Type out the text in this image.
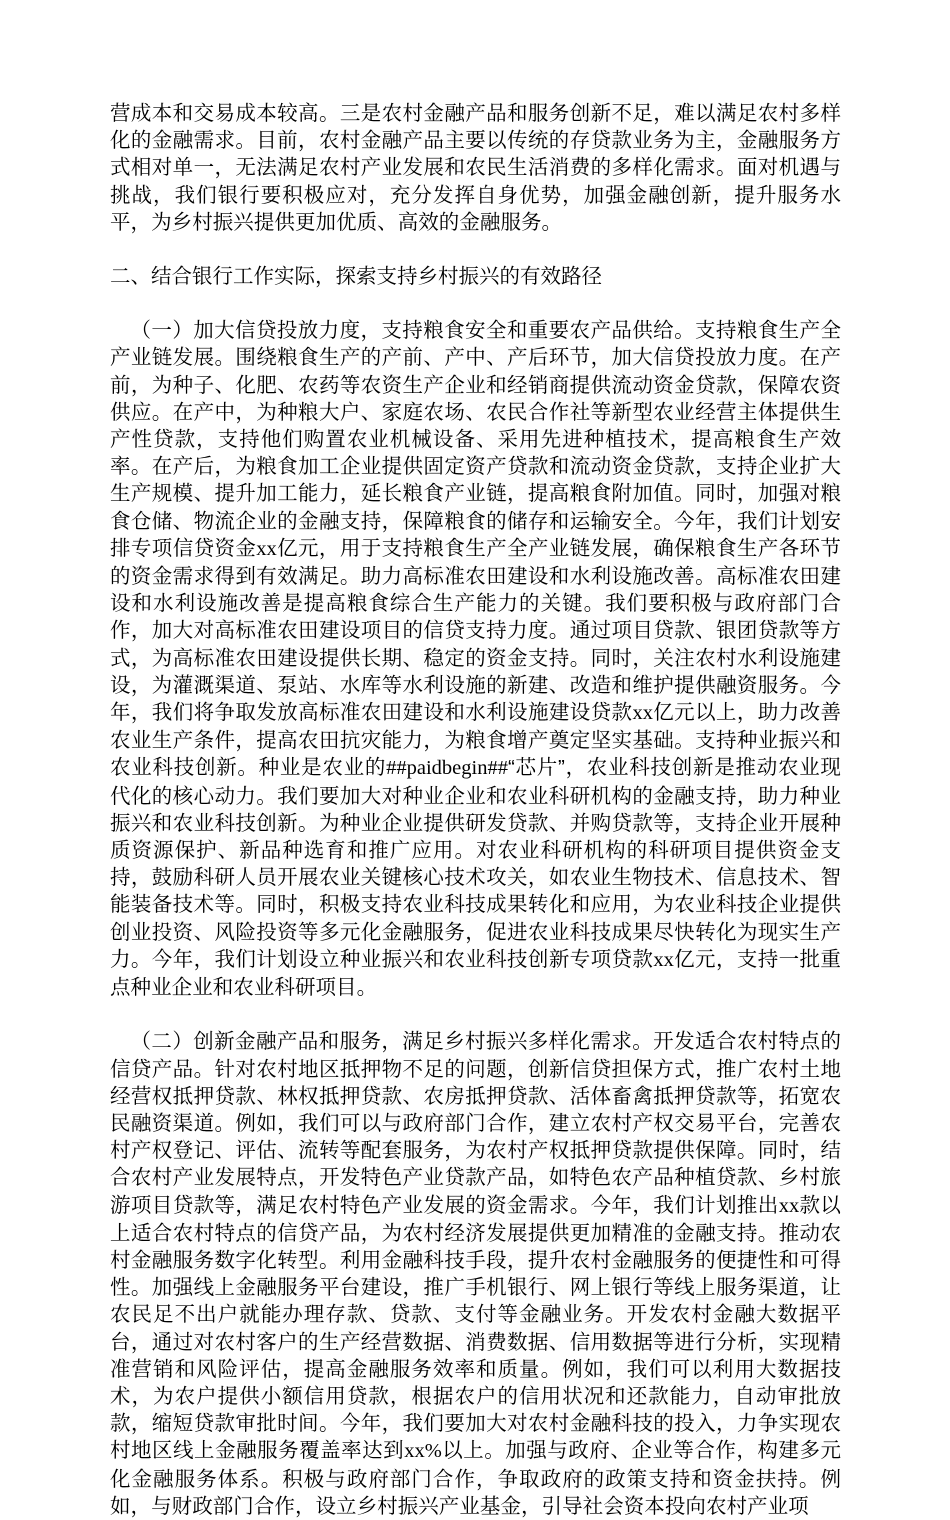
营成本和交易成本较高。三是农村金融产品和服务创新不足，难以满足农村多样化的金融需求。目前，农村金融产品主要以传统的存贷款业务为主，金融服务方式相对单一，无法满足农村产业发展和农民生活消费的多样化需求。面对机遇与挑战，我们银行要积极应对，充分发挥自身优势，加强金融创新，提升服务水平，为乡村振兴提供更加优质、高效的金融服务。

二、结合银行工作实际，探索支持乡村振兴的有效路径

（一）加大信贷投放力度，支持粮食安全和重要农产品供给。支持粮食生产全产业链发展。围绕粮食生产的产前、产中、产后环节，加大信贷投放力度。在产前，为种子、化肥、农药等农资生产企业和经销商提供流动资金贷款，保障农资供应。在产中，为种粮大户、家庭农场、农民合作社等新型农业经营主体提供生产性贷款，支持他们购置农业机械设备、采用先进种植技术，提高粮食生产效率。在产后，为粮食加工企业提供固定资产贷款和流动资金贷款，支持企业扩大生产规模、提升加工能力，延长粮食产业链，提高粮食附加值。同时，加强对粮食仓储、物流企业的金融支持，保障粮食的储存和运输安全。今年，我们计划安排专项信贷资金xx亿元，用于支持粮食生产全产业链发展，确保粮食生产各环节的资金需求得到有效满足。助力高标准农田建设和水利设施改善。高标准农田建设和水利设施改善是提高粮食综合生产能力的关键。我们要积极与政府部门合作，加大对高标准农田建设项目的信贷支持力度。通过项目贷款、银团贷款等方式，为高标准农田建设提供长期、稳定的资金支持。同时，关注农村水利设施建设，为灌溉渠道、泵站、水库等水利设施的新建、改造和维护提供融资服务。今年，我们将争取发放高标准农田建设和水利设施建设贷款xx亿元以上，助力改善农业生产条件，提高农田抗灾能力，为粮食增产奠定坚实基础。支持种业振兴和农业科技创新。种业是农业的##paidbegin##“芯片”，农业科技创新是推动农业现代化的核心动力。我们要加大对种业企业和农业科研机构的金融支持，助力种业振兴和农业科技创新。为种业企业提供研发贷款、并购贷款等，支持企业开展种质资源保护、新品种选育和推广应用。对农业科研机构的科研项目提供资金支持，鼓励科研人员开展农业关键核心技术攻关，如农业生物技术、信息技术、智能装备技术等。同时，积极支持农业科技成果转化和应用，为农业科技企业提供创业投资、风险投资等多元化金融服务，促进农业科技成果尽快转化为现实生产力。今年，我们计划设立种业振兴和农业科技创新专项贷款xx亿元，支持一批重点种业企业和农业科研项目。

（二）创新金融产品和服务，满足乡村振兴多样化需求。开发适合农村特点的信贷产品。针对农村地区抵押物不足的问题，创新信贷担保方式，推广农村土地经营权抵押贷款、林权抵押贷款、农房抵押贷款、活体畜禽抵押贷款等，拓宽农民融资渠道。例如，我们可以与政府部门合作，建立农村产权交易平台，完善农村产权登记、评估、流转等配套服务，为农村产权抵押贷款提供保障。同时，结合农村产业发展特点，开发特色产业贷款产品，如特色农产品种植贷款、乡村旅游项目贷款等，满足农村特色产业发展的资金需求。今年，我们计划推出xx款以上适合农村特点的信贷产品，为农村经济发展提供更加精准的金融支持。推动农村金融服务数字化转型。利用金融科技手段，提升农村金融服务的便捷性和可得性。加强线上金融服务平台建设，推广手机银行、网上银行等线上服务渠道，让农民足不出户就能办理存款、贷款、支付等金融业务。开发农村金融大数据平台，通过对农村客户的生产经营数据、消费数据、信用数据等进行分析，实现精准营销和风险评估，提高金融服务效率和质量。例如，我们可以利用大数据技术，为农户提供小额信用贷款，根据农户的信用状况和还款能力，自动审批放款，缩短贷款审批时间。今年，我们要加大对农村金融科技的投入，力争实现农村地区线上金融服务覆盖率达到xx%以上。加强与政府、企业等合作，构建多元化金融服务体系。积极与政府部门合作，争取政府的政策支持和资金扶持。例如，与财政部门合作，设立乡村振兴产业基金，引导社会资本投向农村产业项
